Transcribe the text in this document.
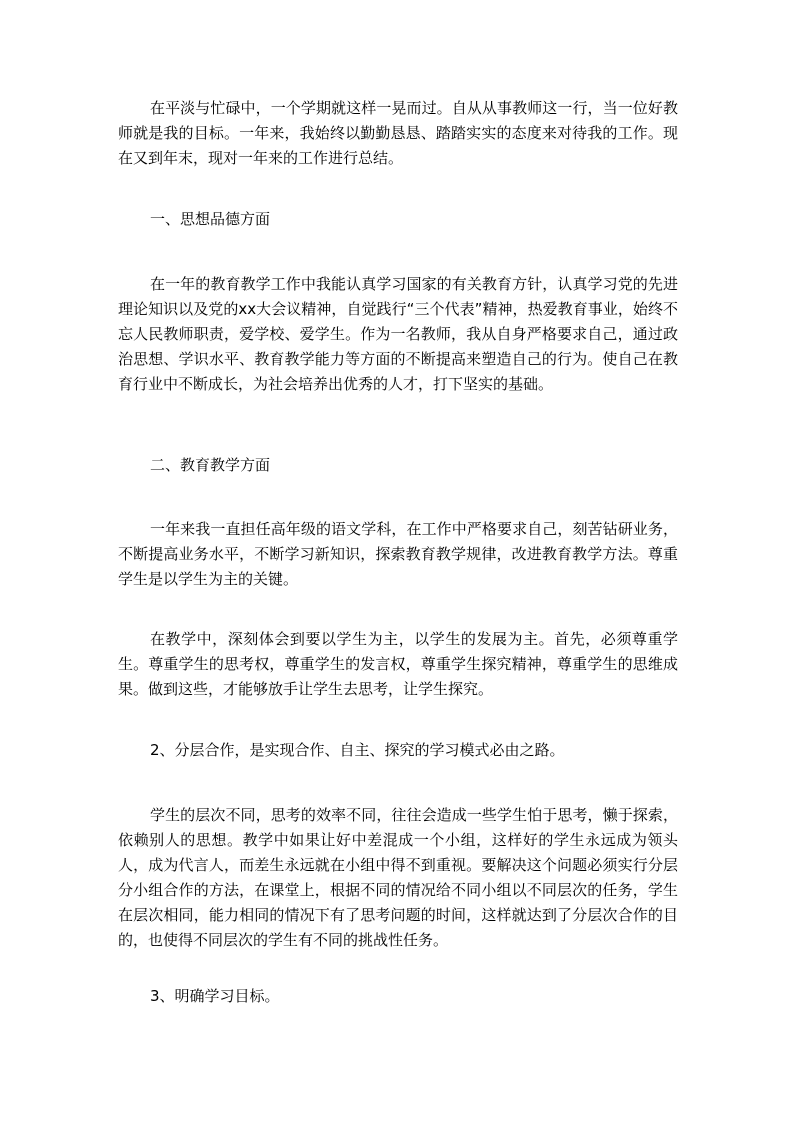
在平淡与忙碌中，一个学期就这样一晃而过。自从从事教师这一行，当一位好教师就是我的目标。一年来，我始终以勤勤恳恳、踏踏实实的态度来对待我的工作。现在又到年末，现对一年来的工作进行总结。

一、思想品德方面

在一年的教育教学工作中我能认真学习国家的有关教育方针，认真学习党的先进理论知识以及党的xx大会议精神，自觉践行“三个代表”精神，热爱教育事业，始终不忘人民教师职责，爱学校、爱学生。作为一名教师，我从自身严格要求自己，通过政治思想、学识水平、教育教学能力等方面的不断提高来塑造自己的行为。使自己在教育行业中不断成长，为社会培养出优秀的人才，打下坚实的基础。

二、教育教学方面

一年来我一直担任高年级的语文学科，在工作中严格要求自己，刻苦钻研业务，不断提高业务水平，不断学习新知识，探索教育教学规律，改进教育教学方法。尊重学生是以学生为主的关键。

在教学中，深刻体会到要以学生为主，以学生的发展为主。首先，必须尊重学生。尊重学生的思考权，尊重学生的发言权，尊重学生探究精神，尊重学生的思维成果。做到这些，才能够放手让学生去思考，让学生探究。

2、分层合作，是实现合作、自主、探究的学习模式必由之路。

学生的层次不同，思考的效率不同，往往会造成一些学生怕于思考，懒于探索，依赖别人的思想。教学中如果让好中差混成一个小组，这样好的学生永远成为领头人，成为代言人，而差生永远就在小组中得不到重视。要解决这个问题必须实行分层分小组合作的方法，在课堂上，根据不同的情况给不同小组以不同层次的任务，学生在层次相同，能力相同的情况下有了思考问题的时间，这样就达到了分层次合作的目的，也使得不同层次的学生有不同的挑战性任务。

3、明确学习目标。
